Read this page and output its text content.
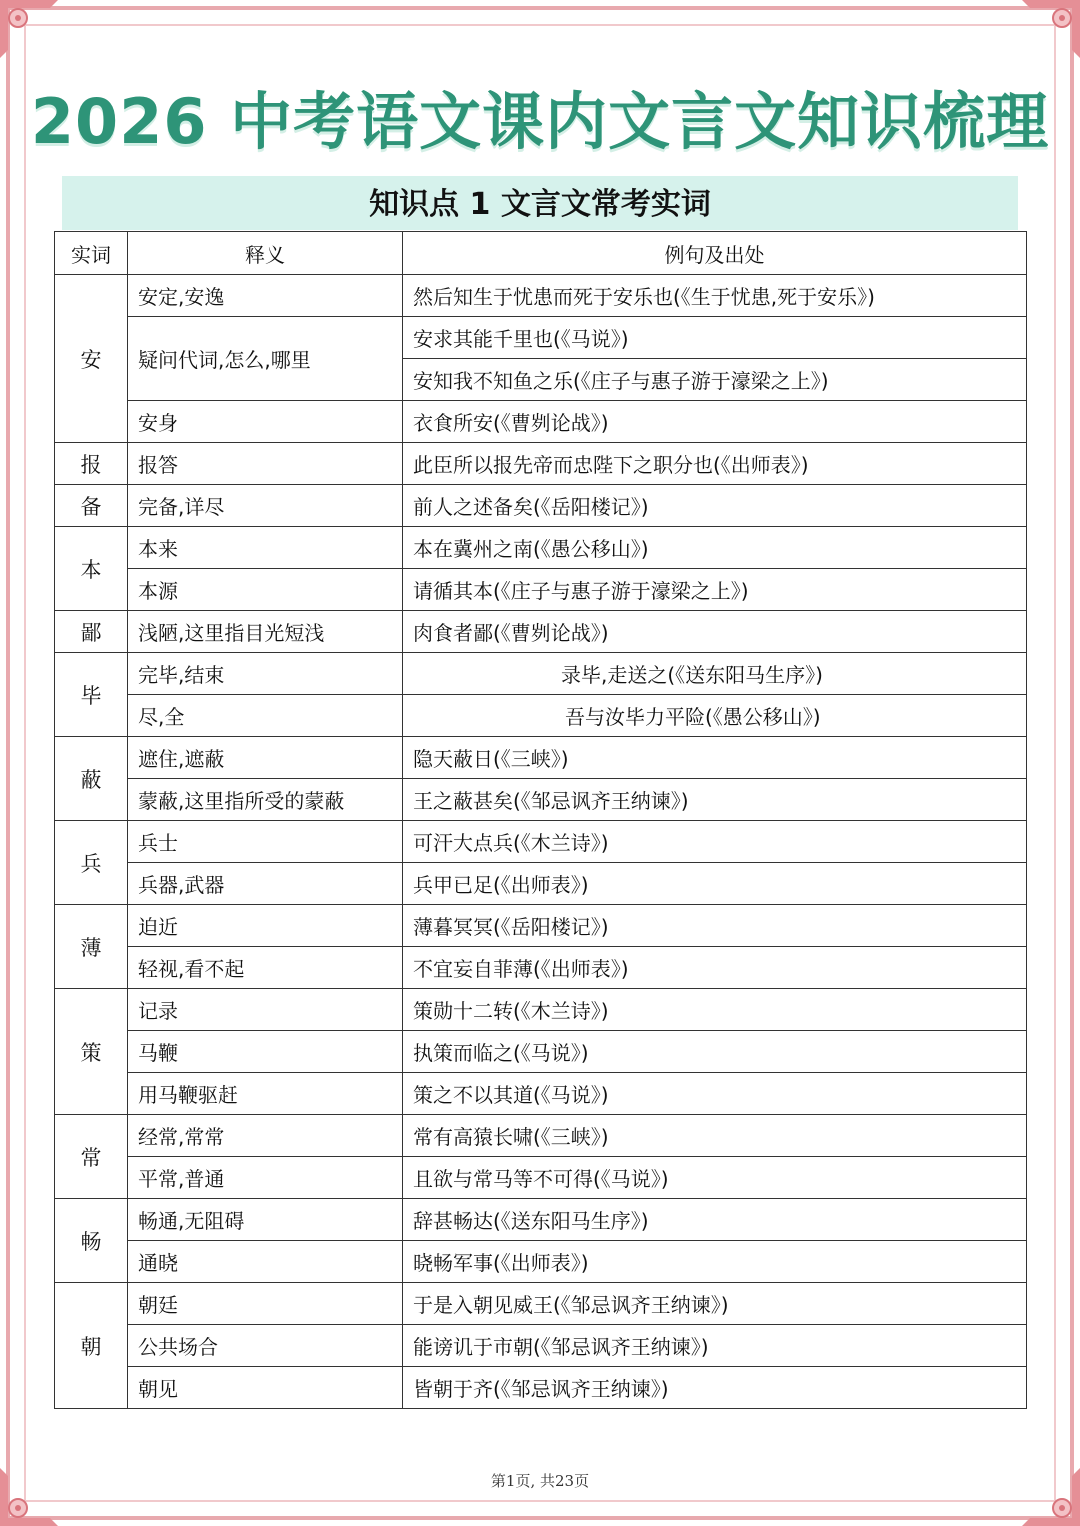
2026 中考语文课内文言文知识梳理
知识点 1 文言文常考实词
实词	释义	例句及出处
安	安定,安逸	然后知生于忧患而死于安乐也(《生于忧患,死于安乐》)
	疑问代词,怎么,哪里	安求其能千里也(《马说》)
		安知我不知鱼之乐(《庄子与惠子游于濠梁之上》)
	安身	衣食所安(《曹刿论战》)
报	报答	此臣所以报先帝而忠陛下之职分也(《出师表》)
备	完备,详尽	前人之述备矣(《岳阳楼记》)
本	本来	本在冀州之南(《愚公移山》)
	本源	请循其本(《庄子与惠子游于濠梁之上》)
鄙	浅陋,这里指目光短浅	肉食者鄙(《曹刿论战》)
毕	完毕,结束	录毕,走送之(《送东阳马生序》)
	尽,全	吾与汝毕力平险(《愚公移山》)
蔽	遮住,遮蔽	隐天蔽日(《三峡》)
	蒙蔽,这里指所受的蒙蔽	王之蔽甚矣(《邹忌讽齐王纳谏》)
兵	兵士	可汗大点兵(《木兰诗》)
	兵器,武器	兵甲已足(《出师表》)
薄	迫近	薄暮冥冥(《岳阳楼记》)
	轻视,看不起	不宜妄自菲薄(《出师表》)
策	记录	策勋十二转(《木兰诗》)
	马鞭	执策而临之(《马说》)
	用马鞭驱赶	策之不以其道(《马说》)
常	经常,常常	常有高猿长啸(《三峡》)
	平常,普通	且欲与常马等不可得(《马说》)
畅	畅通,无阻碍	辞甚畅达(《送东阳马生序》)
	通晓	晓畅军事(《出师表》)
朝	朝廷	于是入朝见威王(《邹忌讽齐王纳谏》)
	公共场合	能谤讥于市朝(《邹忌讽齐王纳谏》)
	朝见	皆朝于齐(《邹忌讽齐王纳谏》)
第1页, 共23页
